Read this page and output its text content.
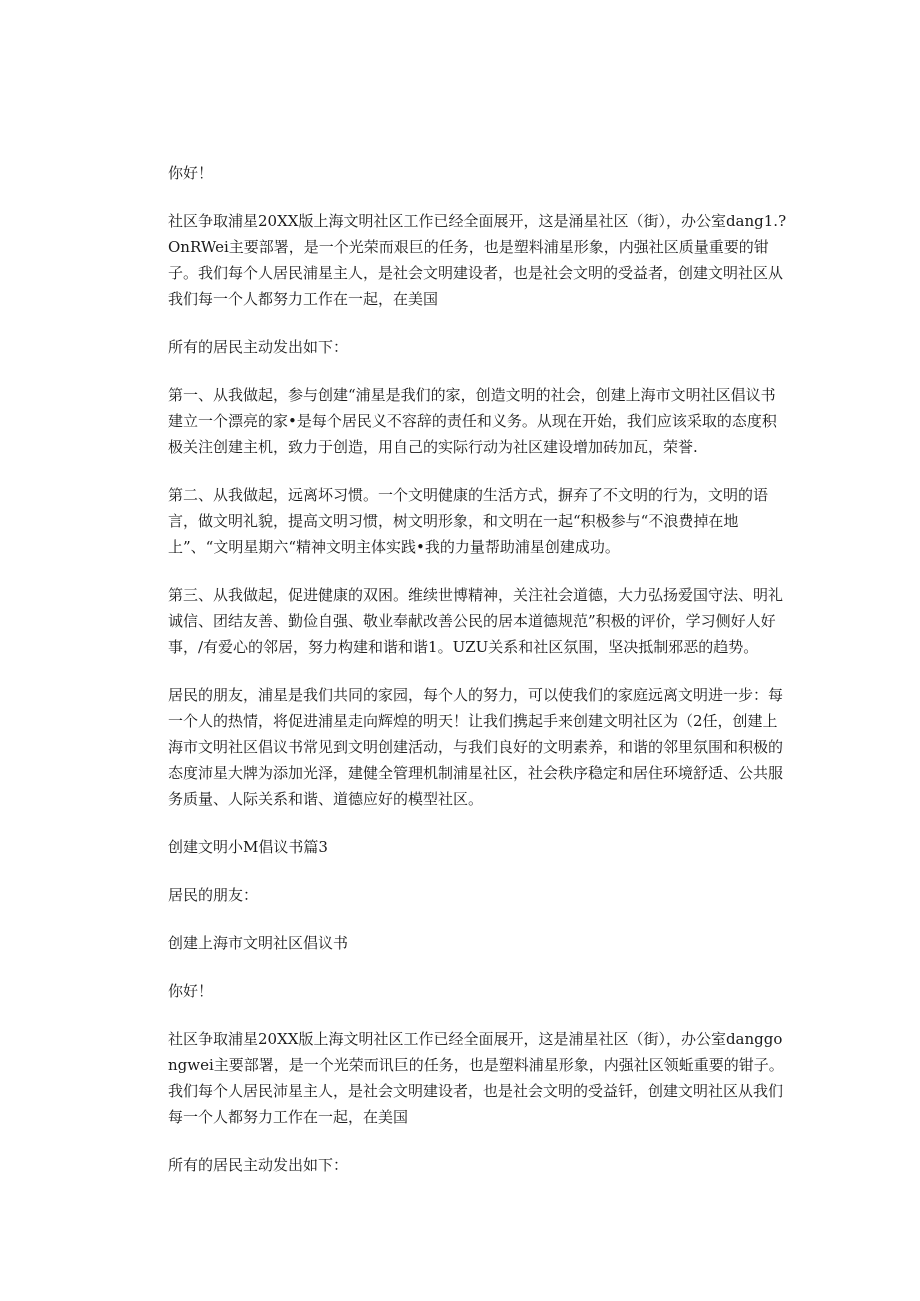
你好！

社区争取浦星20XX版上海文明社区工作已经全面展开，这是涌星社区（街），办公室dang1.?OnRWei主要部署，是一个光荣而艰巨的任务，也是塑料浦星形象，内强社区质量重要的钳子。我们每个人居民浦星主人，是社会文明建设者，也是社会文明的受益者，创建文明社区从我们每一个人都努力工作在一起，在美国

所有的居民主动发出如下：

第一、从我做起，参与创建“浦星是我们的家，创造文明的社会，创建上海市文明社区倡议书建立一个漂亮的家•是每个居民义不容辞的责任和义务。从现在开始，我们应该采取的态度积极关注创建主机，致力于创造，用自己的实际行动为社区建设增加砖加瓦，荣誉.

第二、从我做起，远离坏习惯。一个文明健康的生活方式，摒弃了不文明的行为，文明的语言，做文明礼貌，提高文明习惯，树文明形象，和文明在一起“积极参与“不浪费掉在地上”、“文明星期六“精神文明主体实践•我的力量帮助浦星创建成功。

第三、从我做起，促进健康的双困。维续世博精神，关注社会道德，大力弘扬爱国守法、明礼诚信、团结友善、勤俭自强、敬业奉献改善公民的居本道德规范”积极的评价，学习侧好人好事，/有爱心的邻居，努力构建和谐和谐1。UZU关系和社区氛围，坚决抵制邪恶的趋势。

居民的朋友，浦星是我们共同的家园，每个人的努力，可以使我们的家庭远离文明进一步：每一个人的热情，将促进浦星走向辉煌的明天！让我们携起手来创建文明社区为（2任，创建上海市文明社区倡议书常见到文明创建活动，与我们良好的文明素养，和谐的邻里氛围和积极的态度沛星大牌为添加光泽，建健全管理机制浦星社区，社会秩序稳定和居住环境舒适、公共服务质量、人际关系和谐、道德应好的模型社区。

创建文明小M倡议书篇3

居民的朋友：

创建上海市文明社区倡议书

你好！

社区争取浦星20XX版上海文明社区工作已经全面展开，这是浦星社区（街），办公室danggongwei主要部署，是一个光荣而讯巨的任务，也是塑料浦星形象，内强社区领蚯重要的钳子。我们每个人居民沛星主人，是社会文明建设者，也是社会文明的受益钎，创建文明社区从我们每一个人都努力工作在一起，在美国

所有的居民主动发出如下：
